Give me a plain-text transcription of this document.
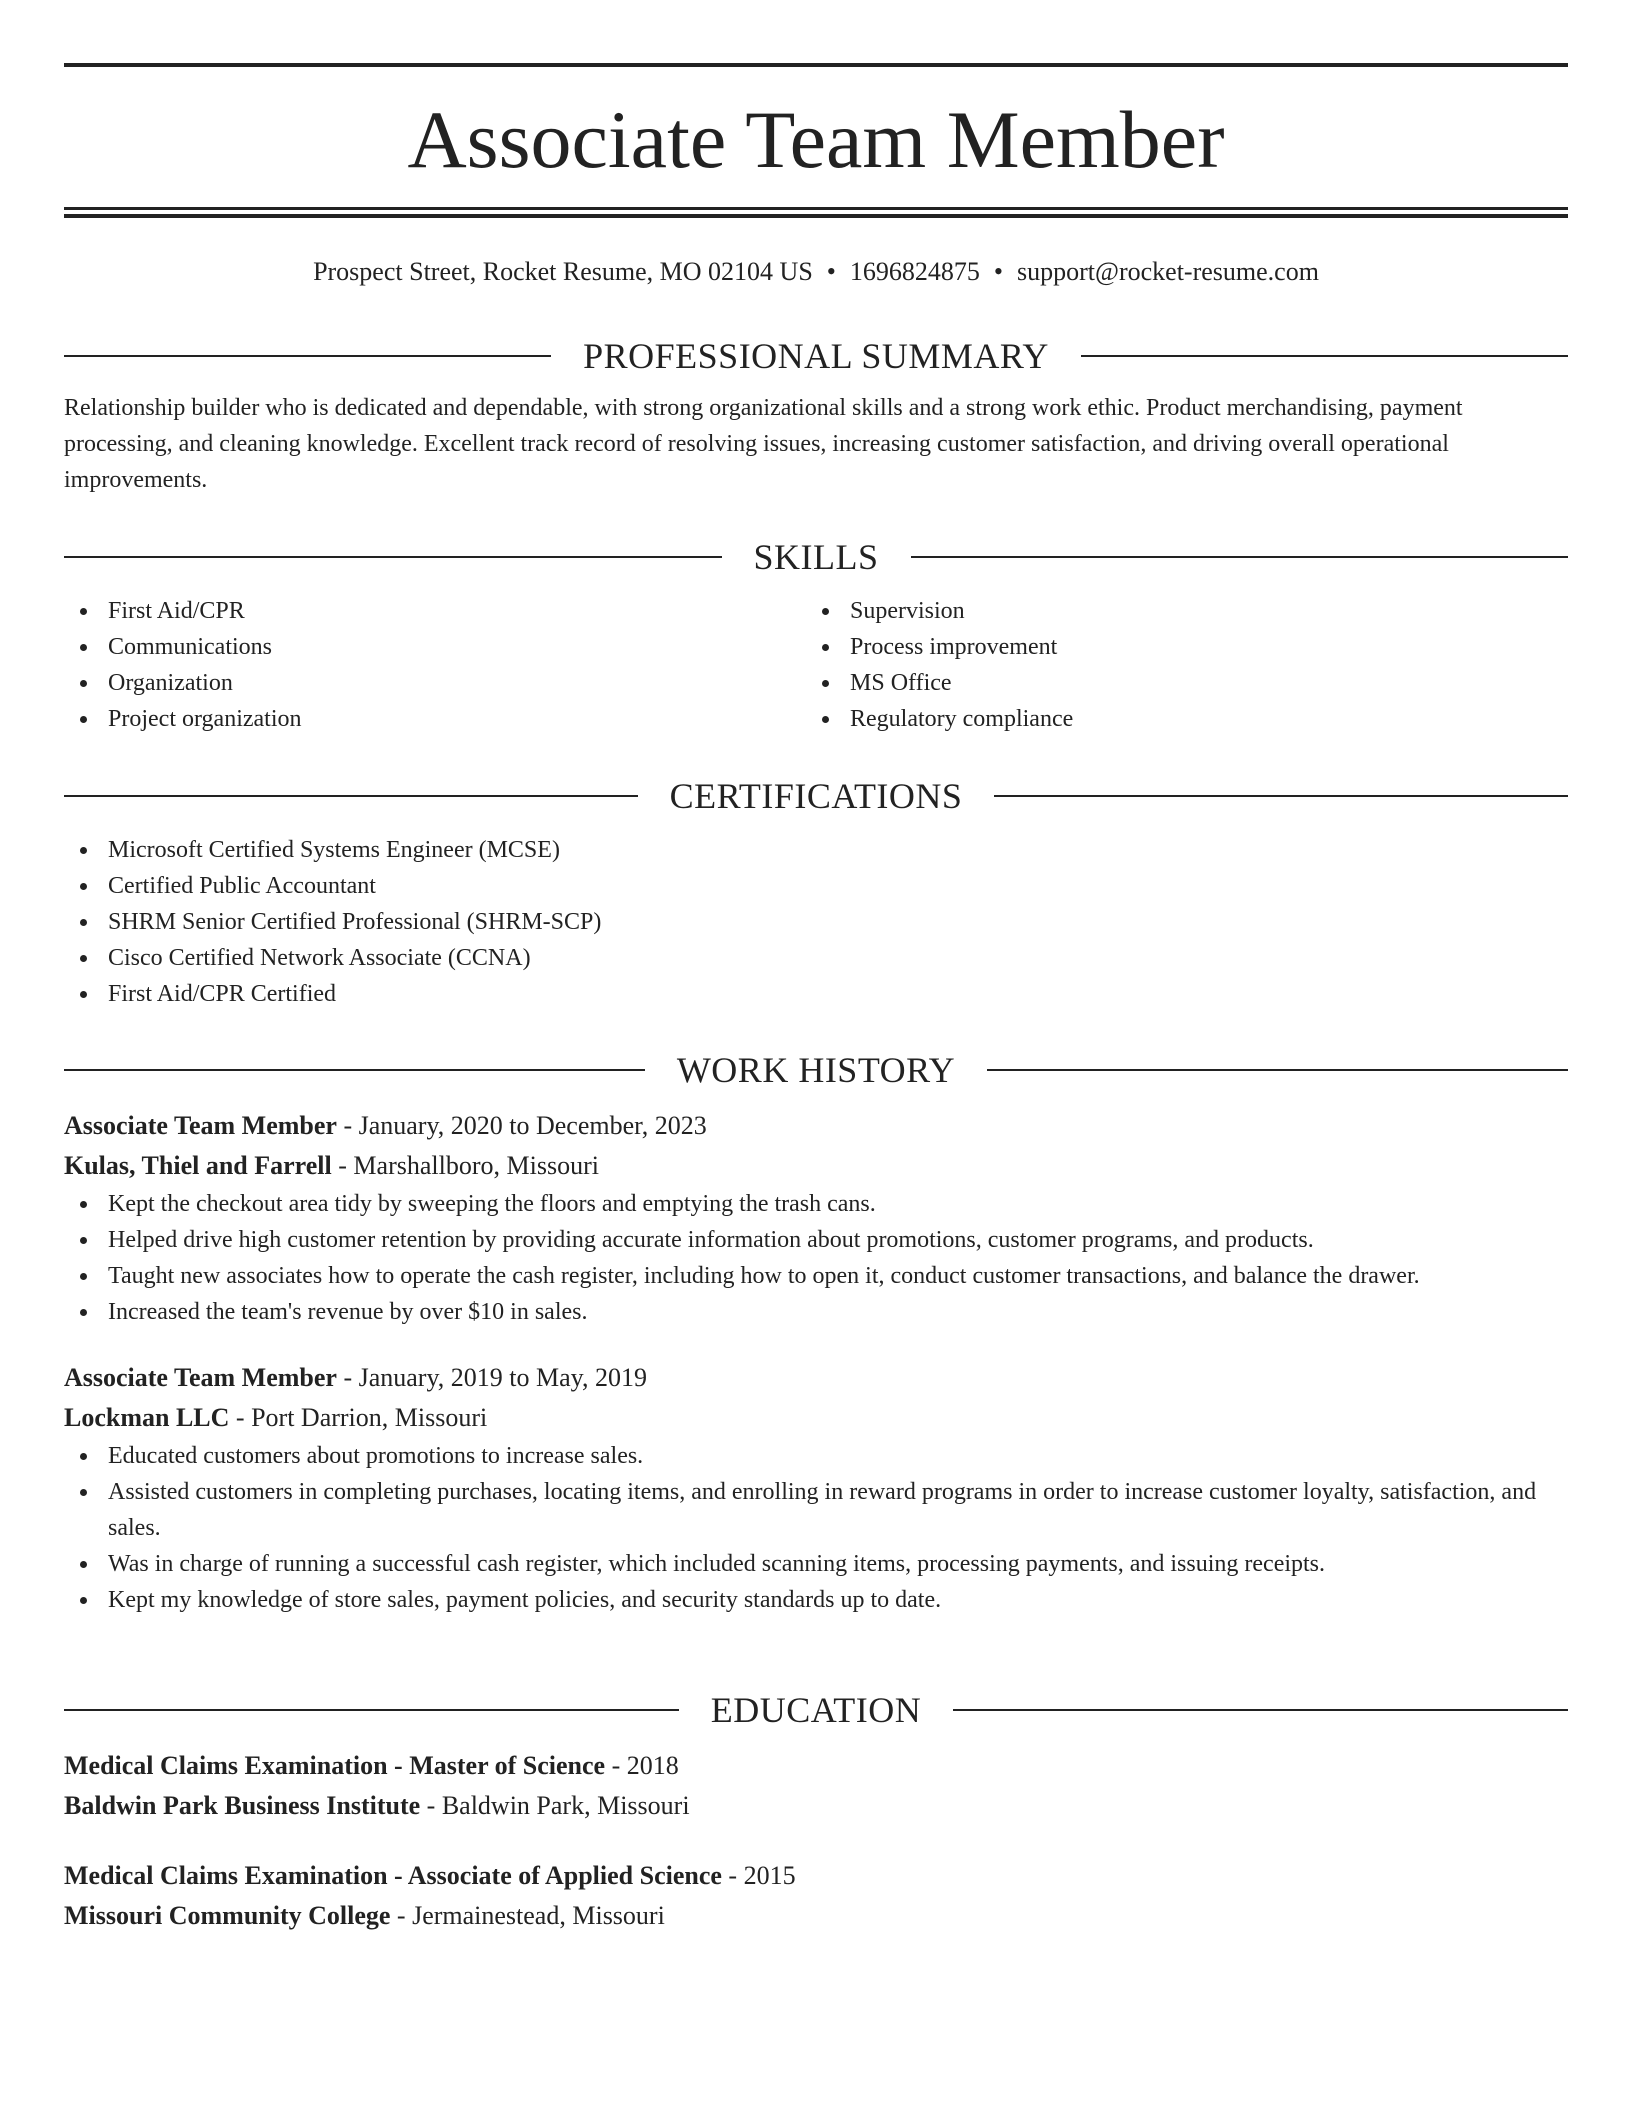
Associate Team Member
Prospect Street, Rocket Resume, MO 02104 US • 1696824875 • support@rocket-resume.com
PROFESSIONAL SUMMARY

Relationship builder who is dedicated and dependable, with strong organizational skills and a strong work ethic. Product merchandising, payment processing, and cleaning knowledge. Excellent track record of resolving issues, increasing customer satisfaction, and driving overall operational improvements.

SKILLS
First Aid/CPR
Communications
Organization
Project organization
Supervision
Process improvement
MS Office
Regulatory compliance
CERTIFICATIONS
Microsoft Certified Systems Engineer (MCSE)
Certified Public Accountant
SHRM Senior Certified Professional (SHRM-SCP)
Cisco Certified Network Associate (CCNA)
First Aid/CPR Certified
WORK HISTORY
Associate Team Member - January, 2020 to December, 2023
Kulas, Thiel and Farrell - Marshallboro, Missouri
Kept the checkout area tidy by sweeping the floors and emptying the trash cans.
Helped drive high customer retention by providing accurate information about promotions, customer programs, and products.
Taught new associates how to operate the cash register, including how to open it, conduct customer transactions, and balance the drawer.
Increased the team's revenue by over $10 in sales.
Associate Team Member - January, 2019 to May, 2019
Lockman LLC - Port Darrion, Missouri
Educated customers about promotions to increase sales.
Assisted customers in completing purchases, locating items, and enrolling in reward programs in order to increase customer loyalty, satisfaction, and sales.
Was in charge of running a successful cash register, which included scanning items, processing payments, and issuing receipts.
Kept my knowledge of store sales, payment policies, and security standards up to date.
EDUCATION
Medical Claims Examination - Master of Science - 2018
Baldwin Park Business Institute - Baldwin Park, Missouri
Medical Claims Examination - Associate of Applied Science - 2015
Missouri Community College - Jermainestead, Missouri
